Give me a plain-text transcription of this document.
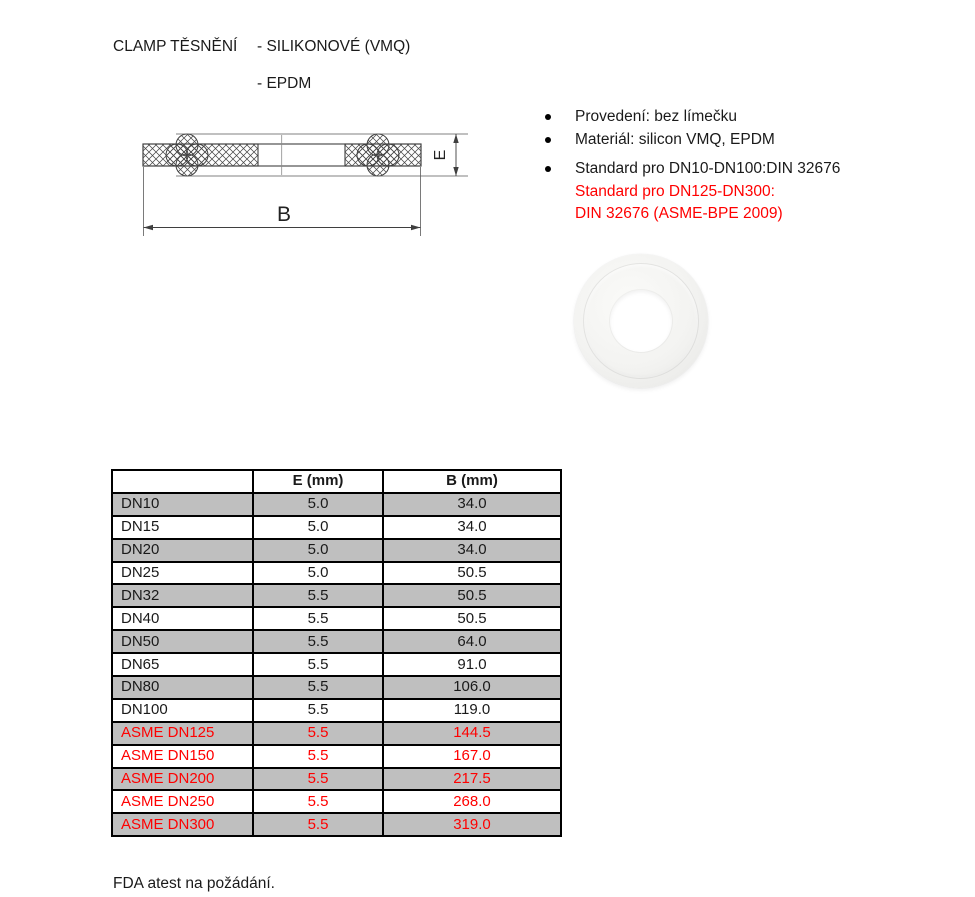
CLAMP TĚSNĚNÍ - SILIKONOVÉ (VMQ)
- EPDM
E
B
Provedení: bez límečku
Materiál: silicon VMQ, EPDM
Standard pro DN10-DN100:DIN 32676
Standard pro DN125-DN300:
DIN 32676 (ASME-BPE 2009)
	E (mm)	B (mm)
DN10	5.0	34.0
DN15	5.0	34.0
DN20	5.0	34.0
DN25	5.0	50.5
DN32	5.5	50.5
DN40	5.5	50.5
DN50	5.5	64.0
DN65	5.5	91.0
DN80	5.5	106.0
DN100	5.5	119.0
ASME DN125	5.5	144.5
ASME DN150	5.5	167.0
ASME DN200	5.5	217.5
ASME DN250	5.5	268.0
ASME DN300	5.5	319.0
FDA atest na požádání.
